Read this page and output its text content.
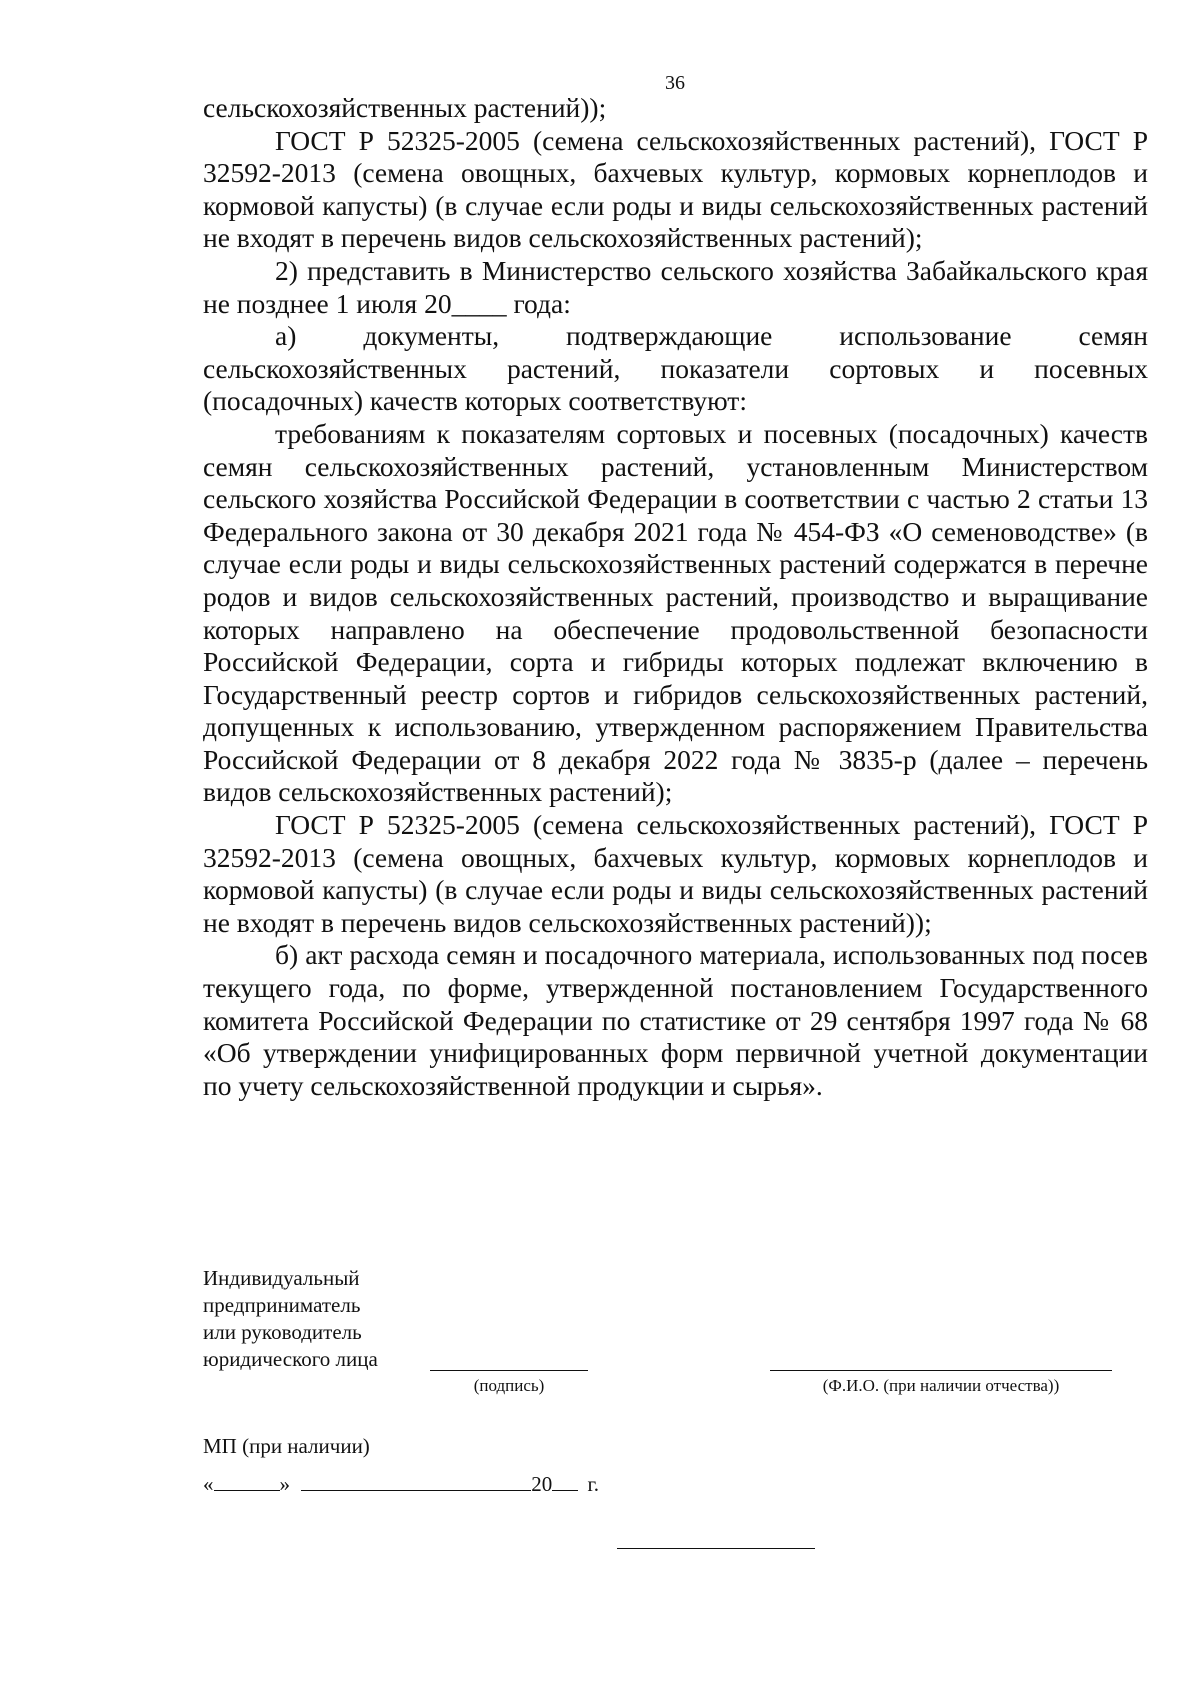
36

сельскохозяйственных растений));

ГОСТ Р 52325-2005 (семена сельскохозяйственных растений), ГОСТ Р 32592-2013 (семена овощных, бахчевых культур, кормовых корнеплодов и кормовой капусты) (в случае если роды и виды сельскохозяйственных растений не входят в перечень видов сельскохозяйственных растений);

2) представить в Министерство сельского хозяйства Забайкальского края не позднее 1 июля 20____ года:

а) документы, подтверждающие использование семян сельскохозяйственных растений, показатели сортовых и посевных (посадочных) качеств которых соответствуют:

требованиям к показателям сортовых и посевных (посадочных) качеств семян сельскохозяйственных растений, установленным Министерством сельского хозяйства Российской Федерации в соответствии с частью 2 статьи 13 Федерального закона от 30 декабря 2021 года № 454-ФЗ «О семеноводстве» (в случае если роды и виды сельскохозяйственных растений содержатся в перечне родов и видов сельскохозяйственных растений, производство и выращивание которых направлено на обеспечение продовольственной безопасности Российской Федерации, сорта и гибриды которых подлежат включению в Государственный реестр сортов и гибридов сельскохозяйственных растений, допущенных к использованию, утвержденном распоряжением Правительства Российской Федерации от 8 декабря 2022 года № 3835-р (далее – перечень видов сельскохозяйственных растений);

ГОСТ Р 52325-2005 (семена сельскохозяйственных растений), ГОСТ Р 32592-2013 (семена овощных, бахчевых культур, кормовых корнеплодов и кормовой капусты) (в случае если роды и виды сельскохозяйственных растений не входят в перечень видов сельскохозяйственных растений));

б) акт расхода семян и посадочного материала, использованных под посев текущего года, по форме, утвержденной постановлением Государственного комитета Российской Федерации по статистике от 29 сентября 1997 года № 68 «Об утверждении унифицированных форм первичной учетной документации по учету сельскохозяйственной продукции и сырья».

Индивидуальный
предприниматель
или руководитель
юридического лица
(подпись)	(Ф.И.О. (при наличии отчества))
МП (при наличии)
«	»	20 г.
